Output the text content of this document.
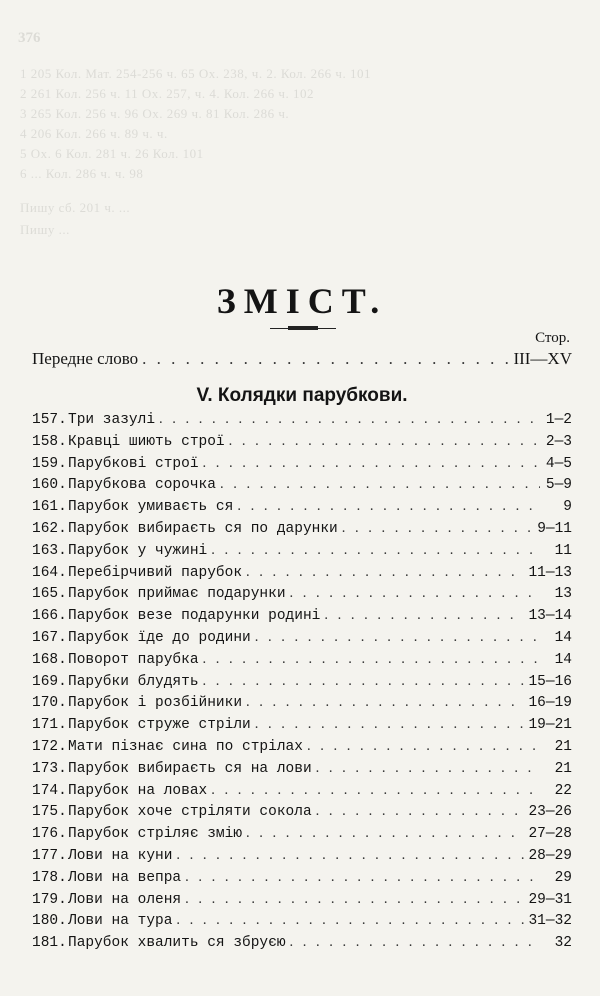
376
1 205 Кол. Мат. 254-256 ч. 65 Ох. 238, ч. 2. Кол. 266 ч. 101
2 261 Кол. 256 ч. 11 Ох. 257, ч. 4. Кол. 266 ч. 102
3 265 Кол. 256 ч. 96 Ох. 269 ч. 81 Кол. 286 ч.
4 206 Кол. 266 ч. 89 ч. ч.
5 Ох. 6 Кол. 281 ч. 26 Кол. 101
6 ... Кол. 286 ч. ч. 98
Пишу сб. 201 ч. ...
Пишу ...
ЗМІСТ.
Стор.
Передне слово . . .	III—XV
V. Колядки парубкови.
157. Три зазулі . . .	1—2
158. Кравці шиють строї . . .	2—3
159. Парубкові строї . . .	4—5
160. Парубкова сорочка . . .	5—9
161. Парубок умиваєть ся . . .	9
162. Парубок вибираєть ся по дарунки . . .	9—11
163. Парубок у чужині . . .	11
164. Перебірчивий парубок . . .	11—13
165. Парубок приймає подарунки . . .	13
166. Парубок везе подарунки родині . . .	13—14
167. Парубок їде до родини . . .	14
168. Поворот парубка . . .	14
169. Парубки блудять . . .	15—16
170. Парубок і розбійники . . .	16—19
171. Парубок струже стріли . . .	19—21
172. Мати пізнає сина по стрілах . . .	21
173. Парубок вибираєть ся на лови . . .	21
174. Парубок на ловах . . .	22
175. Парубок хоче стріляти сокола . . .	23—26
176. Парубок стріляє змію . . .	27—28
177. Лови на куни . . .	28—29
178. Лови на вепра . . .	29
179. Лови на оленя . . .	29—31
180. Лови на тура . . .	31—32
181. Парубок хвалить ся збруєю . . .	32
